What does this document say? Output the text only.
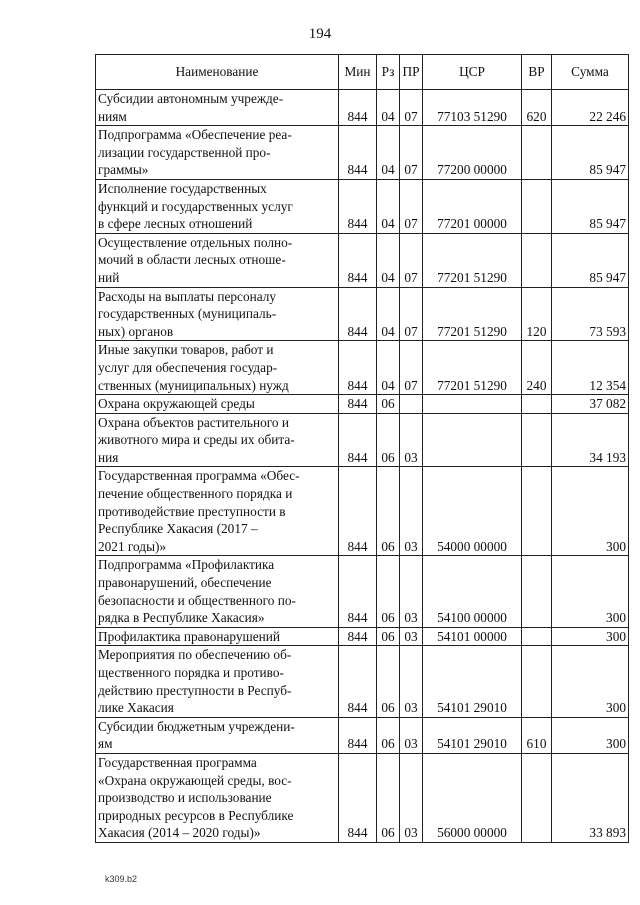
194
Наименование	Мин	Рз	ПР	ЦСР	ВР	Сумма
Субсидии автономным учрежде-
ниям	844	04	07	77103 51290	620	22 246
Подпрограмма «Обеспечение реа-
лизации государственной про-
граммы»	844	04	07	77200 00000		85 947
Исполнение государственных
функций и государственных услуг
в сфере лесных отношений	844	04	07	77201 00000		85 947
Осуществление отдельных полно-
мочий в области лесных отноше-
ний	844	04	07	77201 51290		85 947
Расходы на выплаты персоналу
государственных (муниципаль-
ных) органов	844	04	07	77201 51290	120	73 593
Иные закупки товаров, работ и
услуг для обеспечения государ-
ственных (муниципальных) нужд	844	04	07	77201 51290	240	12 354
Охрана окружающей среды	844	06				37 082
Охрана объектов растительного и
животного мира и среды их обита-
ния	844	06	03			34 193
Государственная программа «Обес-
печение общественного порядка и
противодействие преступности в
Республике Хакасия (2017 –
2021 годы)»	844	06	03	54000 00000		300
Подпрограмма «Профилактика
правонарушений, обеспечение
безопасности и общественного по-
рядка в Республике Хакасия»	844	06	03	54100 00000		300
Профилактика правонарушений	844	06	03	54101 00000		300
Мероприятия по обеспечению об-
щественного порядка и противо-
действию преступности в Респуб-
лике Хакасия	844	06	03	54101 29010		300
Субсидии бюджетным учреждени-
ям	844	06	03	54101 29010	610	300
Государственная программа
«Охрана окружающей среды, вос-
производство и использование
природных ресурсов в Республике
Хакасия (2014 – 2020 годы)»	844	06	03	56000 00000		33 893
k309.b2
